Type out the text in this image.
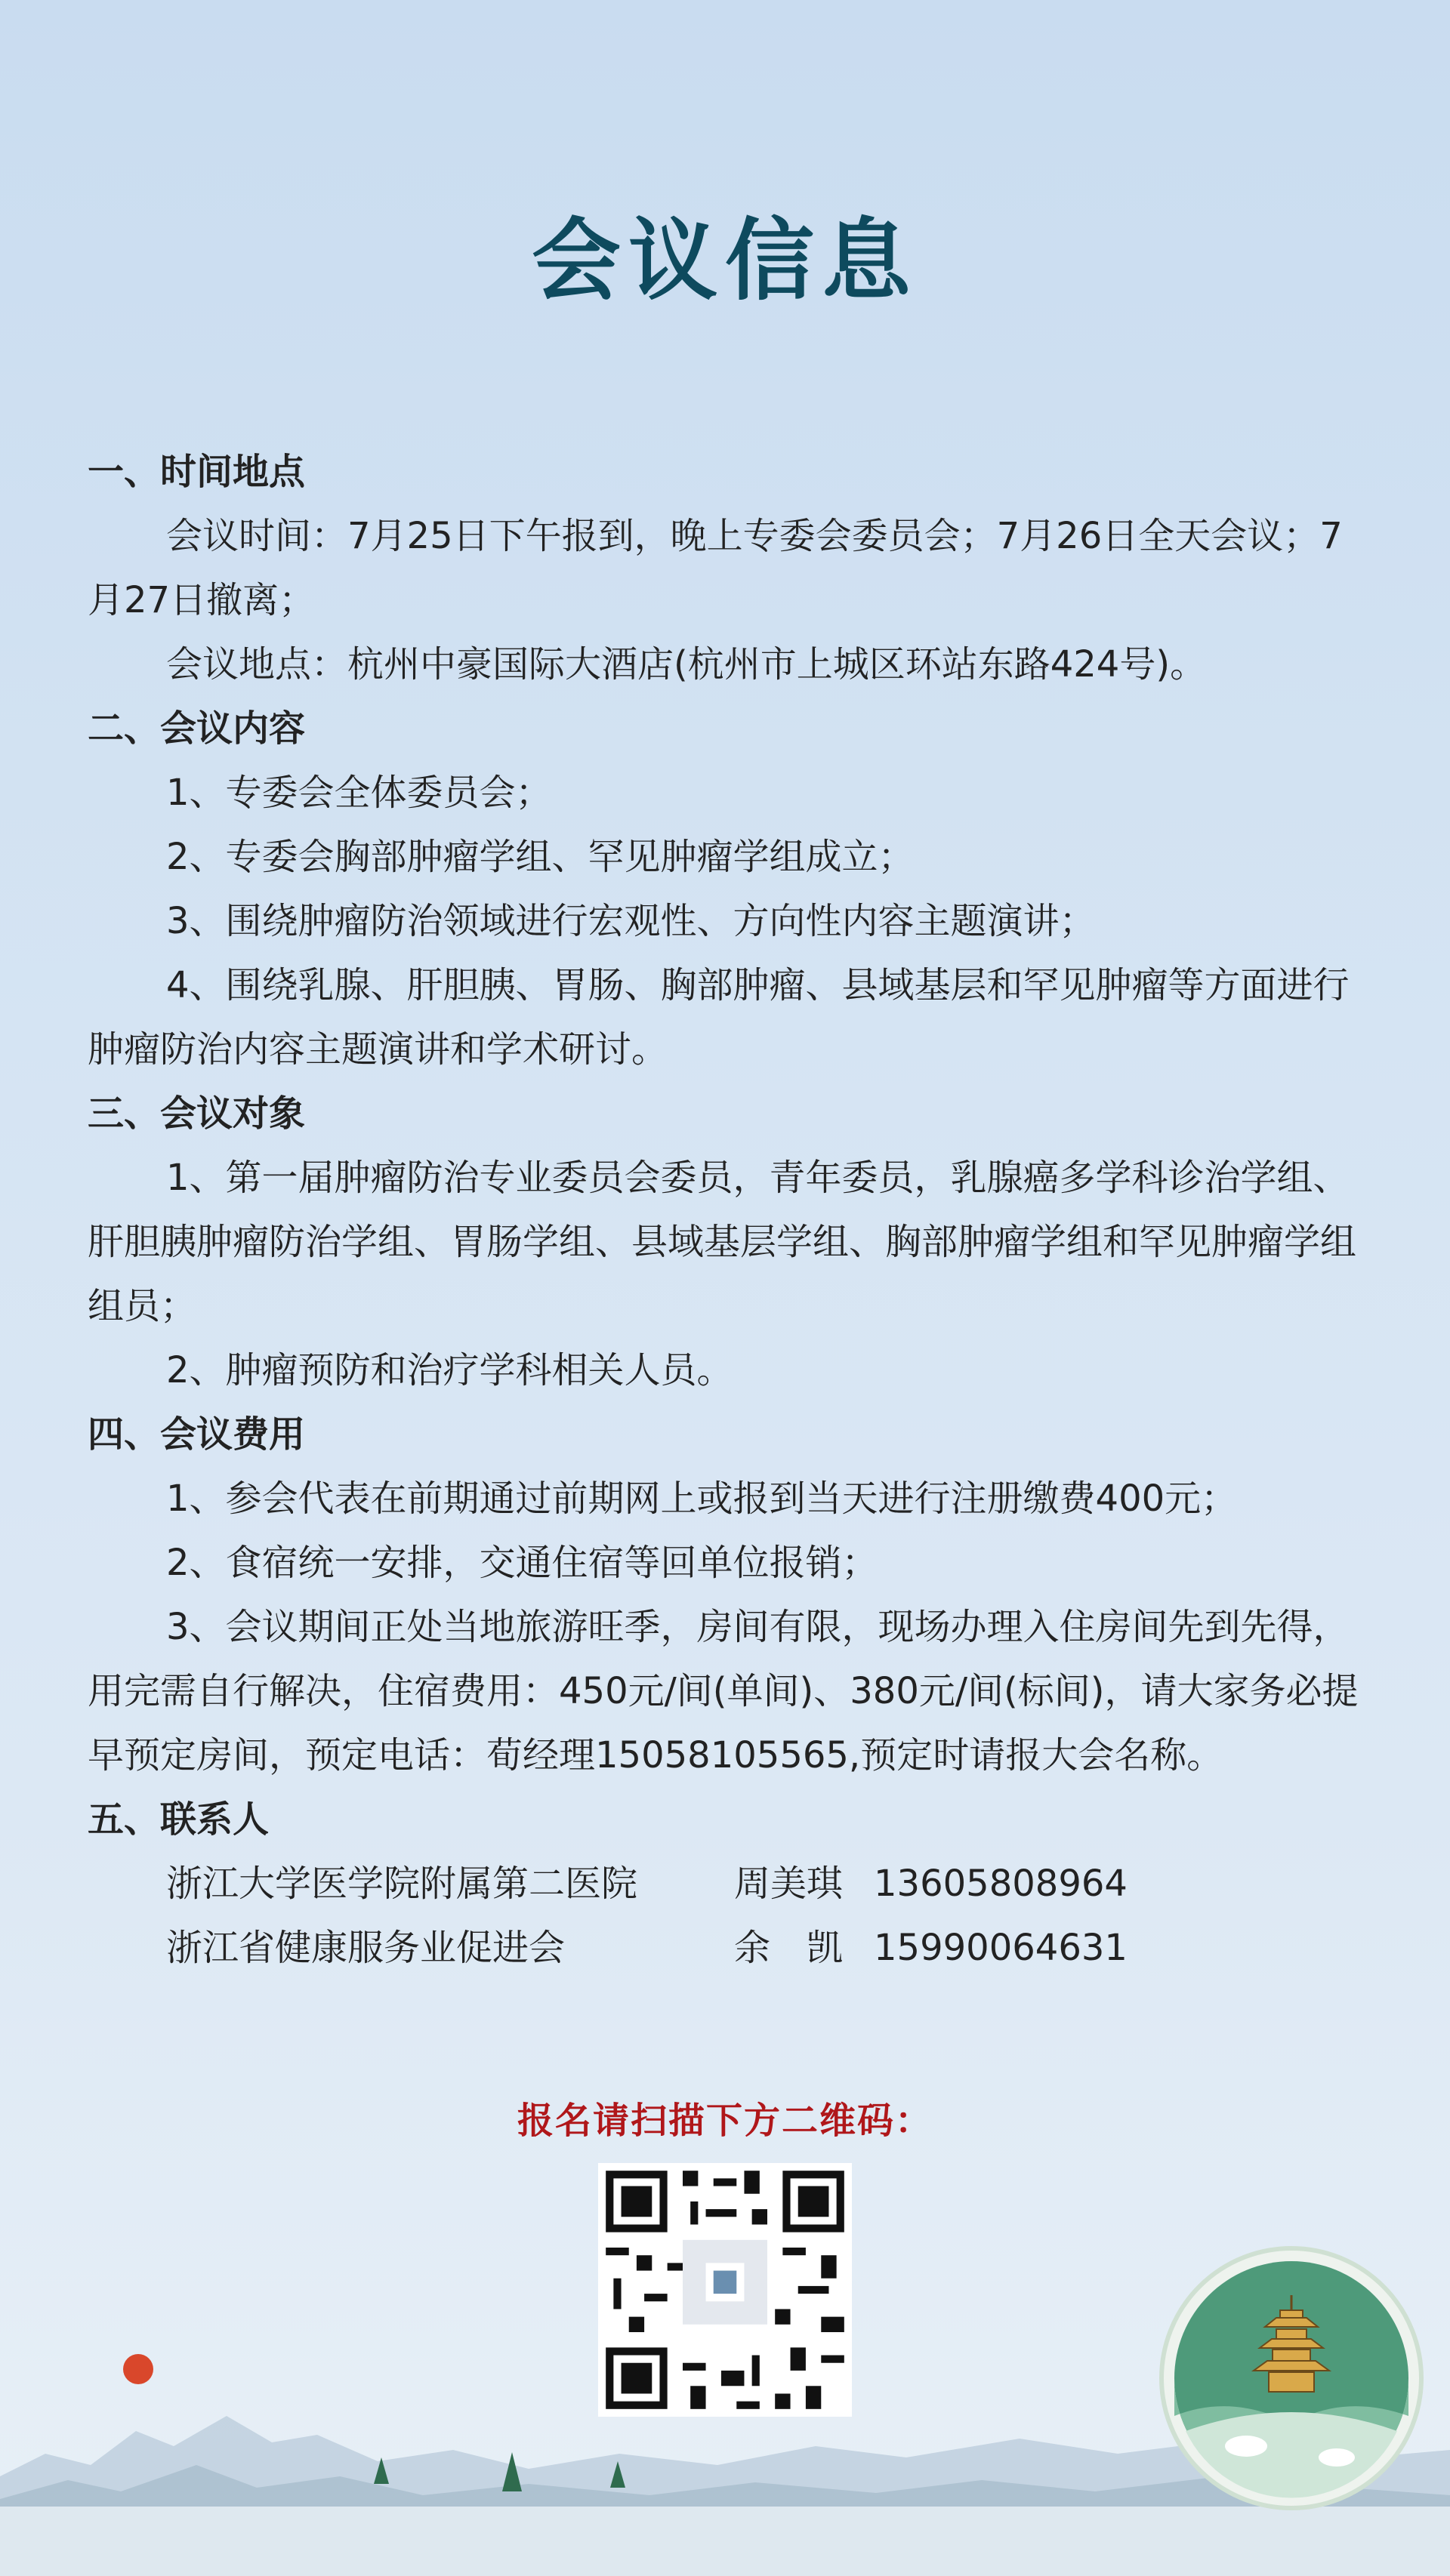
会议信息
一、时间地点

会议时间：7月25日下午报到，晚上专委会委员会；7月26日全天会议；7月27日撤离；

会议地点：杭州中豪国际大酒店(杭州市上城区环站东路424号)。

二、会议内容

1、专委会全体委员会；

2、专委会胸部肿瘤学组、罕见肿瘤学组成立；

3、围绕肿瘤防治领域进行宏观性、方向性内容主题演讲；

4、围绕乳腺、肝胆胰、胃肠、胸部肿瘤、县域基层和罕见肿瘤等方面进行肿瘤防治内容主题演讲和学术研讨。

三、会议对象

1、第一届肿瘤防治专业委员会委员，青年委员，乳腺癌多学科诊治学组、肝胆胰肿瘤防治学组、胃肠学组、县域基层学组、胸部肿瘤学组和罕见肿瘤学组组员；

2、肿瘤预防和治疗学科相关人员。

四、会议费用

1、参会代表在前期通过前期网上或报到当天进行注册缴费400元；

2、食宿统一安排，交通住宿等回单位报销；

3、会议期间正处当地旅游旺季，房间有限，现场办理入住房间先到先得，用完需自行解决，住宿费用：450元/间(单间)、380元/间(标间)，请大家务必提早预定房间，预定电话：荀经理15058105565,预定时请报大会名称。

五、联系人
浙江大学医学院附属第二医院	周美琪 13605808964
浙江省健康服务业促进会	余　凯 15990064631
报名请扫描下方二维码：
